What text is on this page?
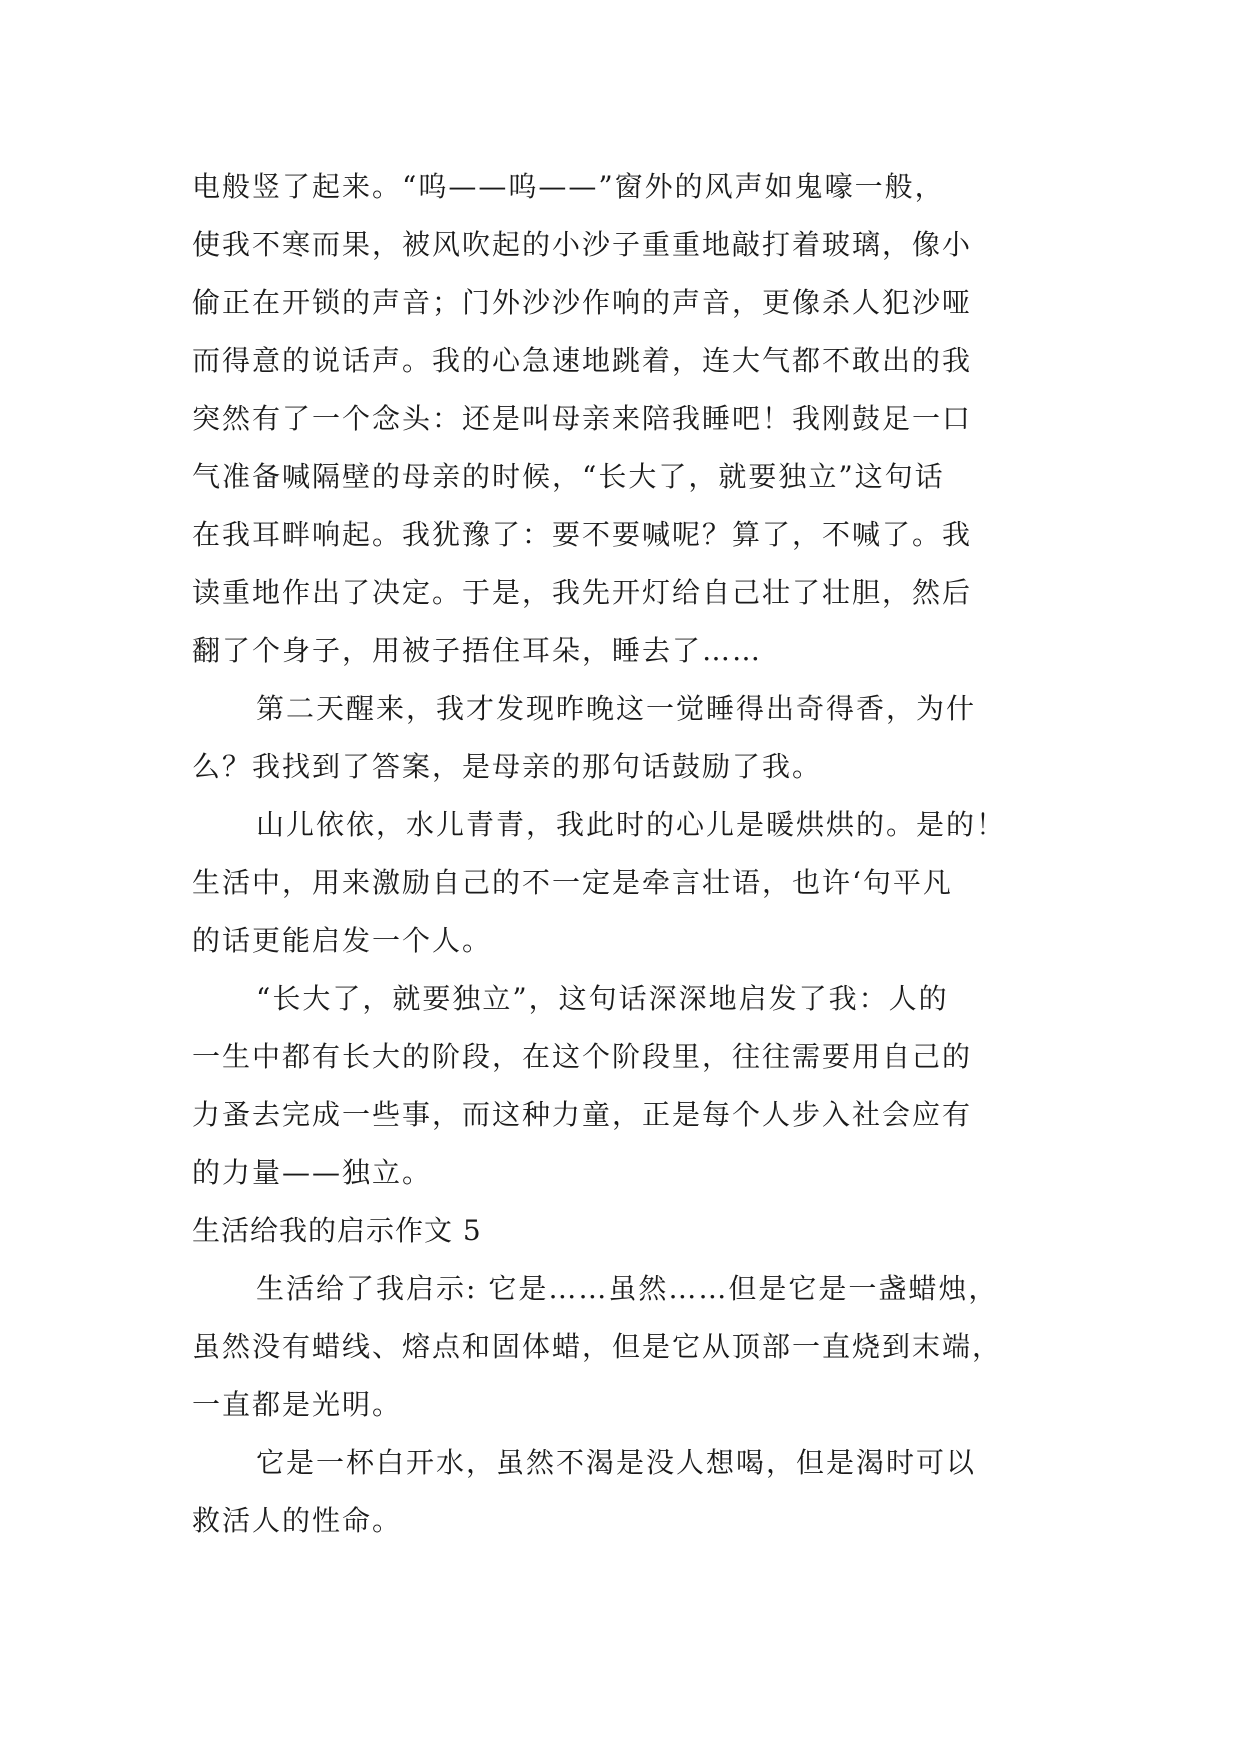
电般竖了起来。“呜——呜——”窗外的风声如鬼嚎一般，
使我不寒而果，被风吹起的小沙子重重地敲打着玻璃，像小
偷正在开锁的声音；门外沙沙作响的声音，更像杀人犯沙哑
而得意的说话声。我的心急速地跳着，连大气都不敢出的我
突然有了一个念头：还是叫母亲来陪我睡吧！我刚鼓足一口
气准备喊隔壁的母亲的时候，“长大了，就要独立”这句话
在我耳畔响起。我犹豫了：要不要喊呢？算了，不喊了。我
读重地作出了决定。于是，我先开灯给自己壮了壮胆，然后
翻了个身子，用被子捂住耳朵，睡去了……
第二天醒来，我才发现昨晚这一觉睡得出奇得香，为什
么？我找到了答案，是母亲的那句话鼓励了我。
山儿依依，水儿青青，我此时的心儿是暖烘烘的。是的！
生活中，用来激励自己的不一定是牵言壮语，也许‘句平凡
的话更能启发一个人。
“长大了，就要独立”，这句话深深地启发了我：人的
一生中都有长大的阶段，在这个阶段里，往往需要用自己的
力蚤去完成一些事，而这种力童，正是每个人步入社会应有
的力量——独立。
生活给我的启示作文 5
生活给了我启示: 它是……虽然……但是它是一盏蜡烛，
虽然没有蜡线、熔点和固体蜡，但是它从顶部一直烧到末端，
一直都是光明。
它是一杯白开水，虽然不渴是没人想喝，但是渴时可以
救活人的性命。
